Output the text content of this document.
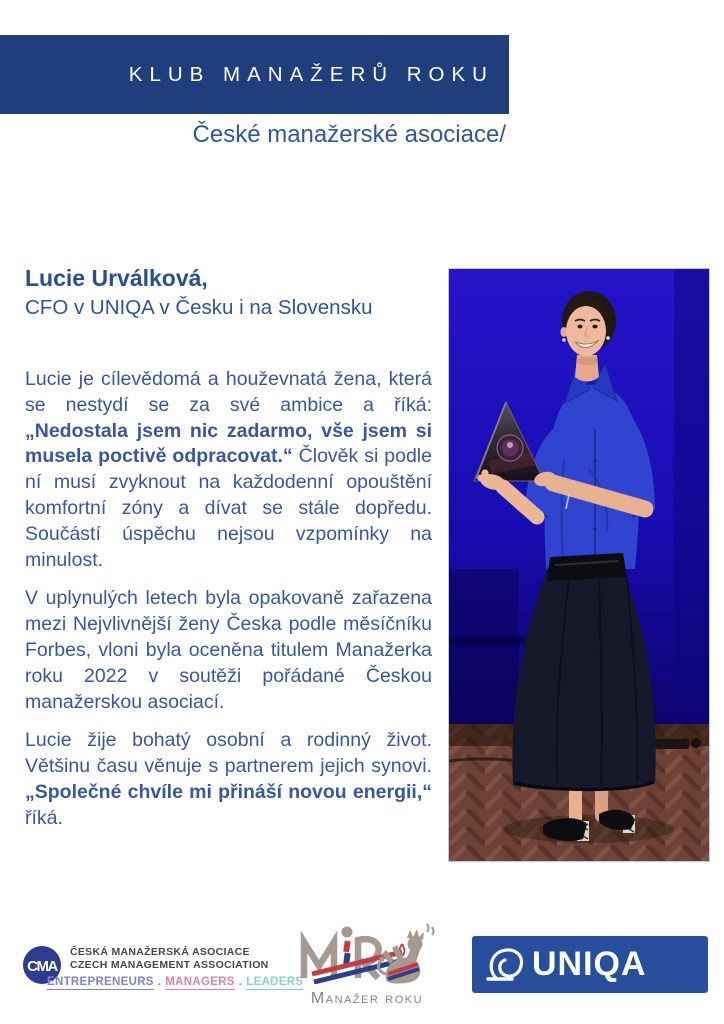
KLUB MANAŽERŮ ROKU
České manažerské asociace/
Lucie Urválková,
CFO v UNIQA v Česku i na Slovensku

Lucie je cílevědomá a houževnatá žena, která se nestydí se za své ambice a říká: „Nedostala jsem nic zadarmo, vše jsem si musela poctivě odpracovat.“ Člověk si podle ní musí zvyknout na každodenní opouštění komfortní zóny a dívat se stále dopředu. Součástí úspěchu nejsou vzpomínky na minulost.

V uplynulých letech byla opakovaně zařazena mezi Nejvlivnější ženy Česka podle měsíčníku Forbes, vloni byla oceněna titulem Manažerka roku 2022 v soutěži pořádané Českou manažerskou asociací.

Lucie žije bohatý osobní a rodinný život. Většinu času věnuje s partnerem jejich synovi. „Společné chvíle mi přináší novou energii,“ říká.

CMA
ČESKÁ MANAŽERSKÁ ASOCIACE
CZECH MANAGEMENT ASSOCIATION
ENTREPRENEURS . MANAGERS . LEADERS
Manažer roku
UNIQA
